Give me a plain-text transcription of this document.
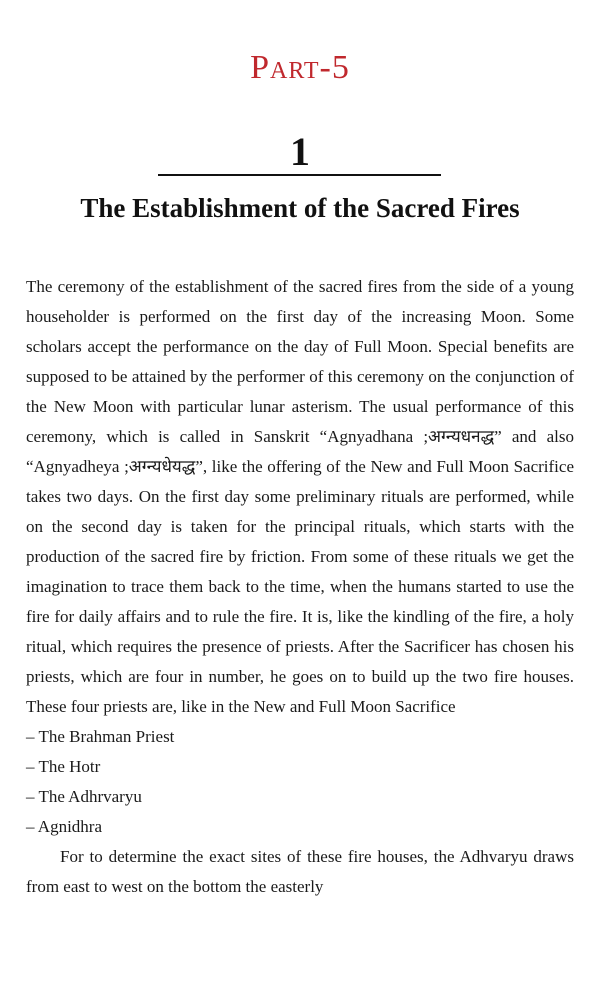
Part-5
1
The Establishment of the Sacred Fires

The ceremony of the establishment of the sacred fires from the side of a young householder is performed on the first day of the increasing Moon. Some scholars accept the performance on the day of Full Moon. Special benefits are supposed to be attained by the performer of this ceremony on the conjunction of the New Moon with particular lunar asterism. The usual performance of this ceremony, which is called in Sanskrit “Agnyadhana ;अग्न्यधनद्ध” and also “Agnyadheya ;अग्न्यधेयद्ध”, like the offering of the New and Full Moon Sacrifice takes two days. On the first day some preliminary rituals are performed, while on the second day is taken for the principal rituals, which starts with the production of the sacred fire by friction. From some of these rituals we get the imagination to trace them back to the time, when the humans started to use the fire for daily affairs and to rule the fire. It is, like the kindling of the fire, a holy ritual, which requires the presence of priests. After the Sacrificer has chosen his priests, which are four in number, he goes on to build up the two fire houses. These four priests are, like in the New and Full Moon Sacrifice

– The Brahman Priest
– The Hotr
– The Adhrvaryu
– Agnidhra

For to determine the exact sites of these fire houses, the Adhvaryu draws from east to west on the bottom the easterly
